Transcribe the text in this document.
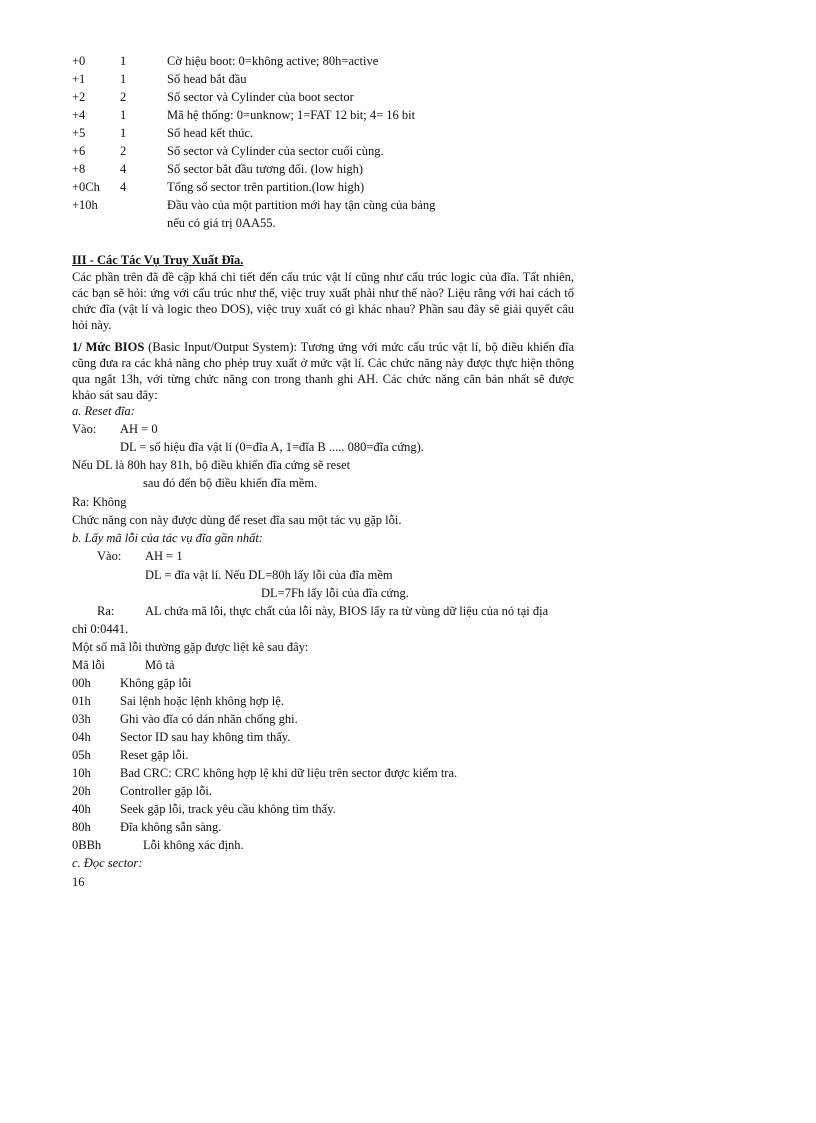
+0	1	Cờ hiệu boot: 0=không active; 80h=active
+1	1	Số head bắt đầu
+2	2	Số sector và Cylinder của boot sector
+4	1	Mã hệ thống: 0=unknow; 1=FAT 12 bit; 4= 16 bit
+5	1	Số head kết thúc.
+6	2	Số sector và Cylinder của sector cuối cùng.
+8	4	Số sector bắt đầu tương đối. (low high)
+0Ch 4	Tổng số sector trên partition.(low high)
+10h	Đầu vào của một partition mới hay tận cùng của bảng
nếu có giá trị 0AA55.
III - Các Tác Vụ Truy Xuất Đĩa.
Các phần trên đã đề cập khá chi tiết đến cấu trúc vật lí cũng như cấu trúc logic của đĩa. Tất nhiên, các bạn sẽ hỏi: ứng với cấu trúc như thế, việc truy xuất phải như thế nào? Liệu rằng với hai cách tổ chức đĩa (vật lí và logic theo DOS), việc truy xuất có gì khác nhau? Phần sau đây sẽ giải quyết câu hỏi này.
1/ Mức BIOS (Basic Input/Output System): Tương ứng với mức cấu trúc vật lí, bộ điều khiển đĩa cũng đưa ra các khả năng cho phép truy xuất ở mức vật lí. Các chức năng này được thực hiện thông qua ngắt 13h, với từng chức năng con trong thanh ghi AH. Các chức năng căn bản nhất sẽ được khảo sát sau đây:
a. Reset đĩa:
Vào: AH = 0
DL = số hiệu đĩa vật lí (0=đĩa A, 1=đĩa B ..... 080=đĩa cứng).
Nếu DL là 80h hay 81h, bộ điều khiển đĩa cứng sẽ reset
sau đó đến bộ điều khiển đĩa mềm.
Ra: Không
Chức năng con này được dùng để reset đĩa sau một tác vụ gặp lỗi.
b. Lấy mã lỗi của tác vụ đĩa gần nhất:
Vào: AH = 1
DL = đĩa vật lí. Nếu DL=80h lấy lỗi của đĩa mềm
DL=7Fh lấy lỗi của đĩa cứng.
Ra: AL chứa mã lỗi, thực chất của lỗi này, BIOS lấy ra từ vùng dữ liệu của nó tại địa
chỉ 0:0441.
Một số mã lỗi thường gặp được liệt kê sau đây:
Mã lỗi	Mô tả
00h Không gặp lỗi
01h Sai lệnh hoặc lệnh không hợp lệ.
03h Ghi vào đĩa có dán nhãn chống ghi.
04h Sector ID sau hay không tìm thấy.
05h Reset gặp lỗi.
10h Bad CRC: CRC không hợp lệ khi dữ liệu trên sector được kiểm tra.
20h Controller gặp lỗi.
40h Seek gặp lỗi, track yêu cầu không tìm thấy.
80h Đĩa không sẵn sàng.
0BBh	Lỗi không xác định.
c. Đọc sector:
16
